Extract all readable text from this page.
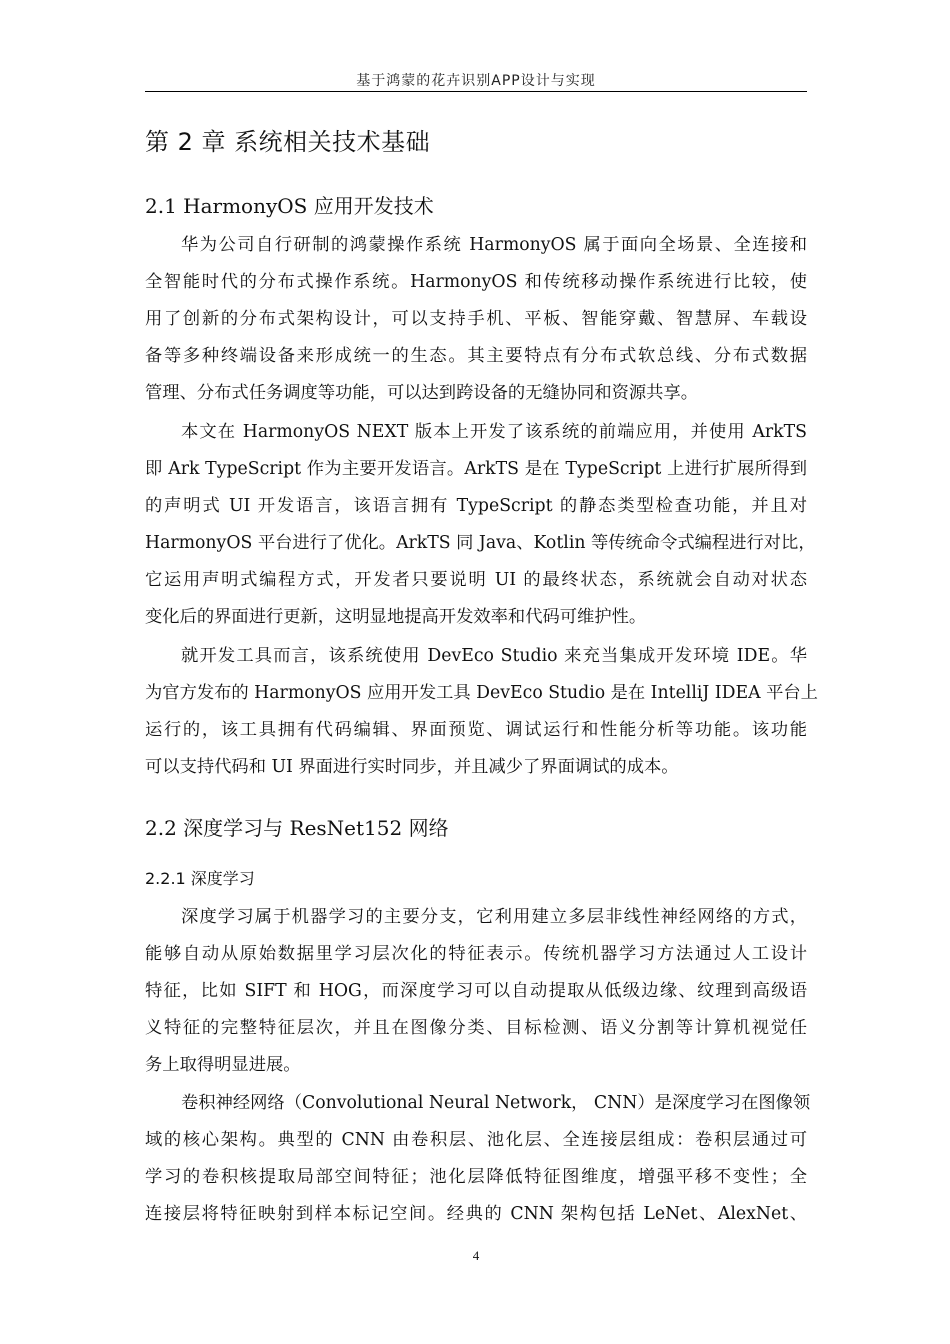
基于鸿蒙的花卉识别APP设计与实现
第 2 章 系统相关技术基础
2.1 HarmonyOS 应用开发技术
华为公司自行研制的鸿蒙操作系统 HarmonyOS 属于面向全场景、全连接和
全智能时代的分布式操作系统。HarmonyOS 和传统移动操作系统进行比较，使
用了创新的分布式架构设计，可以支持手机、平板、智能穿戴、智慧屏、车载设
备等多种终端设备来形成统一的生态。其主要特点有分布式软总线、分布式数据
管理、分布式任务调度等功能，可以达到跨设备的无缝协同和资源共享。
本文在 HarmonyOS NEXT 版本上开发了该系统的前端应用，并使用 ArkTS
即 Ark TypeScript 作为主要开发语言。ArkTS 是在 TypeScript 上进行扩展所得到
的声明式 UI 开发语言，该语言拥有 TypeScript 的静态类型检查功能，并且对
HarmonyOS 平台进行了优化。ArkTS 同 Java、Kotlin 等传统命令式编程进行对比，
它运用声明式编程方式，开发者只要说明 UI 的最终状态，系统就会自动对状态
变化后的界面进行更新，这明显地提高开发效率和代码可维护性。
就开发工具而言，该系统使用 DevEco Studio 来充当集成开发环境 IDE。华
为官方发布的 HarmonyOS 应用开发工具 DevEco Studio 是在 IntelliJ IDEA 平台上
运行的，该工具拥有代码编辑、界面预览、调试运行和性能分析等功能。该功能
可以支持代码和 UI 界面进行实时同步，并且减少了界面调试的成本。
2.2 深度学习与 ResNet152 网络
2.2.1 深度学习
深度学习属于机器学习的主要分支，它利用建立多层非线性神经网络的方式，
能够自动从原始数据里学习层次化的特征表示。传统机器学习方法通过人工设计
特征，比如 SIFT 和 HOG，而深度学习可以自动提取从低级边缘、纹理到高级语
义特征的完整特征层次，并且在图像分类、目标检测、语义分割等计算机视觉任
务上取得明显进展。
卷积神经网络（Convolutional Neural Network， CNN）是深度学习在图像领
域的核心架构。典型的 CNN 由卷积层、池化层、全连接层组成：卷积层通过可
学习的卷积核提取局部空间特征；池化层降低特征图维度，增强平移不变性；全
连接层将特征映射到样本标记空间。经典的 CNN 架构包括 LeNet、AlexNet、
4
